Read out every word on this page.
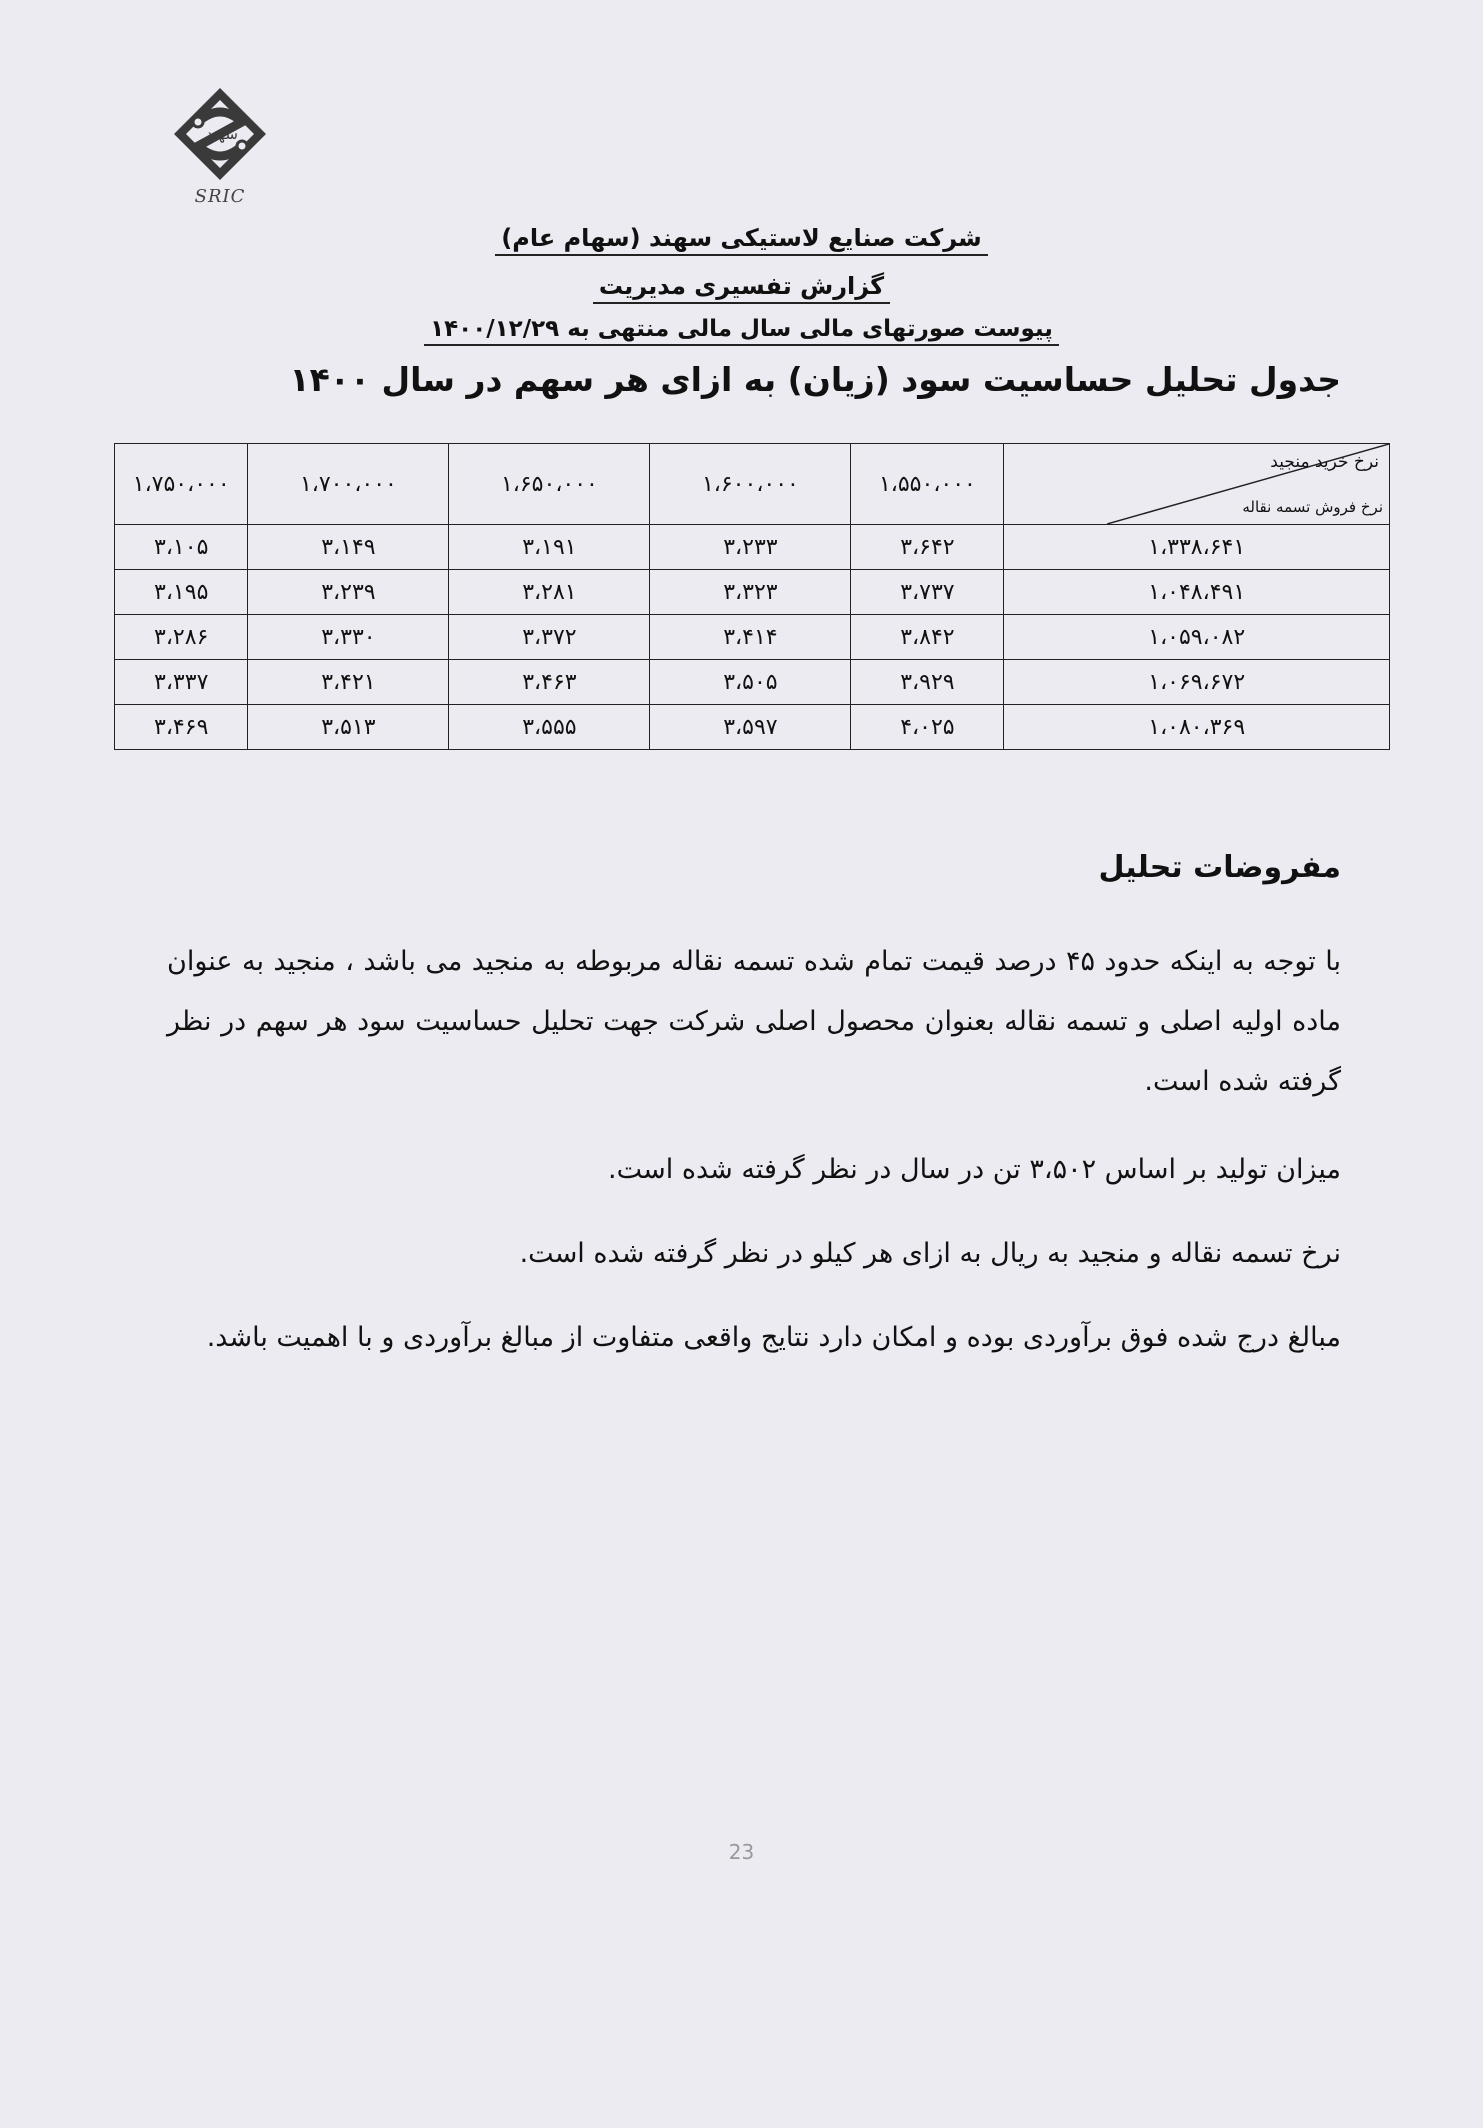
سهند
SRIC
شرکت صنایع لاستیکی سهند (سهام عام)
گزارش تفسیری مدیریت
پیوست صورتهای مالی سال مالی منتهی به ۱۴۰۰/۱۲/۲۹
جدول تحلیل حساسیت سود (زیان) به ازای هر سهم در سال ۱۴۰۰
نرخ خرید منجید
نرخ فروش تسمه نقاله	۱،۵۵۰،۰۰۰	۱،۶۰۰،۰۰۰	۱،۶۵۰،۰۰۰	۱،۷۰۰،۰۰۰	۱،۷۵۰،۰۰۰
۱،۳۳۸،۶۴۱	۳،۶۴۲	۳،۲۳۳	۳،۱۹۱	۳،۱۴۹	۳،۱۰۵
۱،۰۴۸،۴۹۱	۳،۷۳۷	۳،۳۲۳	۳،۲۸۱	۳،۲۳۹	۳،۱۹۵
۱،۰۵۹،۰۸۲	۳،۸۴۲	۳،۴۱۴	۳،۳۷۲	۳،۳۳۰	۳،۲۸۶
۱،۰۶۹،۶۷۲	۳،۹۲۹	۳،۵۰۵	۳،۴۶۳	۳،۴۲۱	۳،۳۳۷
۱،۰۸۰،۳۶۹	۴،۰۲۵	۳،۵۹۷	۳،۵۵۵	۳،۵۱۳	۳،۴۶۹
مفروضات تحلیل
با توجه به اینکه حدود ۴۵ درصد قیمت تمام شده تسمه نقاله مربوطه به منجید می باشد ، منجید به عنوان ماده اولیه اصلی و تسمه نقاله بعنوان محصول اصلی شرکت جهت تحلیل حساسیت سود هر سهم در نظر گرفته شده است.
میزان تولید بر اساس ۳،۵۰۲ تن در سال در نظر گرفته شده است.
نرخ تسمه نقاله و منجید به ریال به ازای هر کیلو در نظر گرفته شده است.
مبالغ درج شده فوق برآوردی بوده و امکان دارد نتایج واقعی متفاوت از مبالغ برآوردی و با اهمیت باشد.
23
